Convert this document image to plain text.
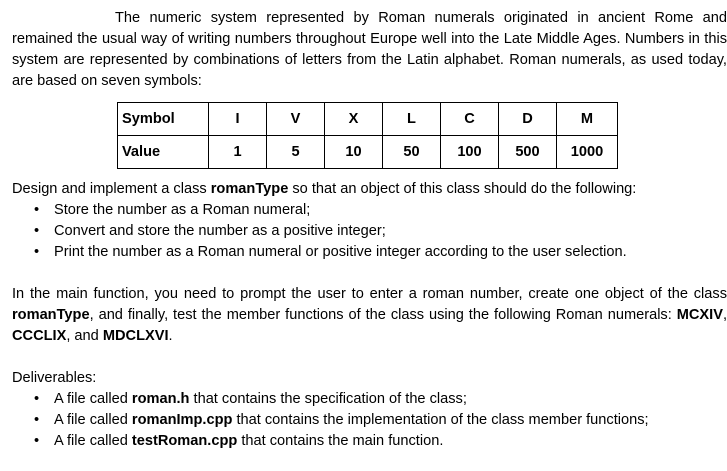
The numeric system represented by Roman numerals originated in ancient Rome and remained the usual way of writing numbers throughout Europe well into the Late Middle Ages. Numbers in this system are represented by combinations of letters from the Latin alphabet. Roman numerals, as used today, are based on seven symbols:

Symbol	I	V	X	L	C	D	M
Value	1	5	10	50	100	500	1000

Design and implement a class romanType so that an object of this class should do the following:

• Store the number as a Roman numeral;
• Convert and store the number as a positive integer;
• Print the number as a Roman numeral or positive integer according to the user selection.

In the main function, you need to prompt the user to enter a roman number, create one object of the class romanType, and finally, test the member functions of the class using the following Roman numerals: MCXIV, CCCLIX, and MDCLXVI.

Deliverables:

• A file called roman.h that contains the specification of the class;
• A file called romanImp.cpp that contains the implementation of the class member functions;
• A file called testRoman.cpp that contains the main function.
